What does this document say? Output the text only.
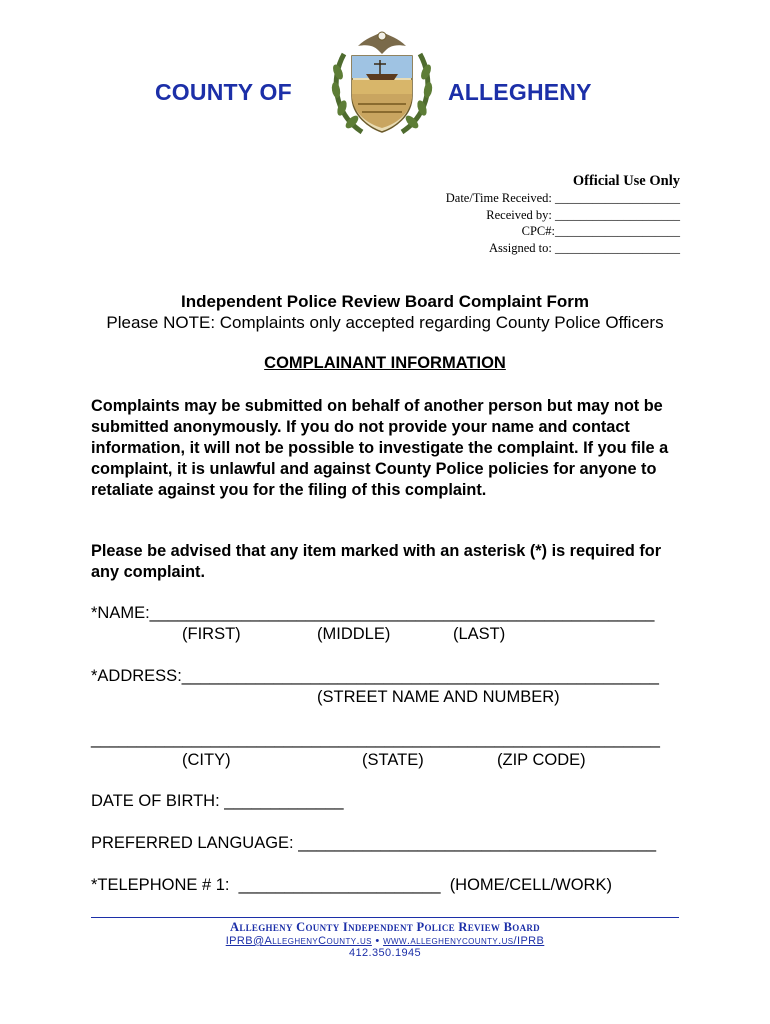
COUNTY OF	ALLEGHENY
Official Use Only
Date/Time Received: ____________________
Received by: ____________________
CPC#:____________________
Assigned to: ____________________
Independent Police Review Board Complaint Form
Please NOTE: Complaints only accepted regarding County Police Officers
COMPLAINANT INFORMATION
Complaints may be submitted on behalf of another person but may not be submitted anonymously. If you do not provide your name and contact information, it will not be possible to investigate the complaint. If you file a complaint, it is unlawful and against County Police policies for anyone to retaliate against you for the filing of this complaint.
Please be advised that any item marked with an asterisk (*) is required for any complaint.
*NAME:_______________________________________________________
(FIRST)	(MIDDLE)	(LAST)
*ADDRESS:____________________________________________________
(STREET NAME AND NUMBER)
______________________________________________________________
(CITY)	(STATE)	(ZIP CODE)
DATE OF BIRTH: _____________
PREFERRED LANGUAGE: _______________________________________
*TELEPHONE # 1:  ______________________  (HOME/CELL/WORK)
Allegheny County Independent Police Review Board
IPRB@AlleghenyCounty.us • www.alleghenycounty.us/IPRB
412.350.1945
